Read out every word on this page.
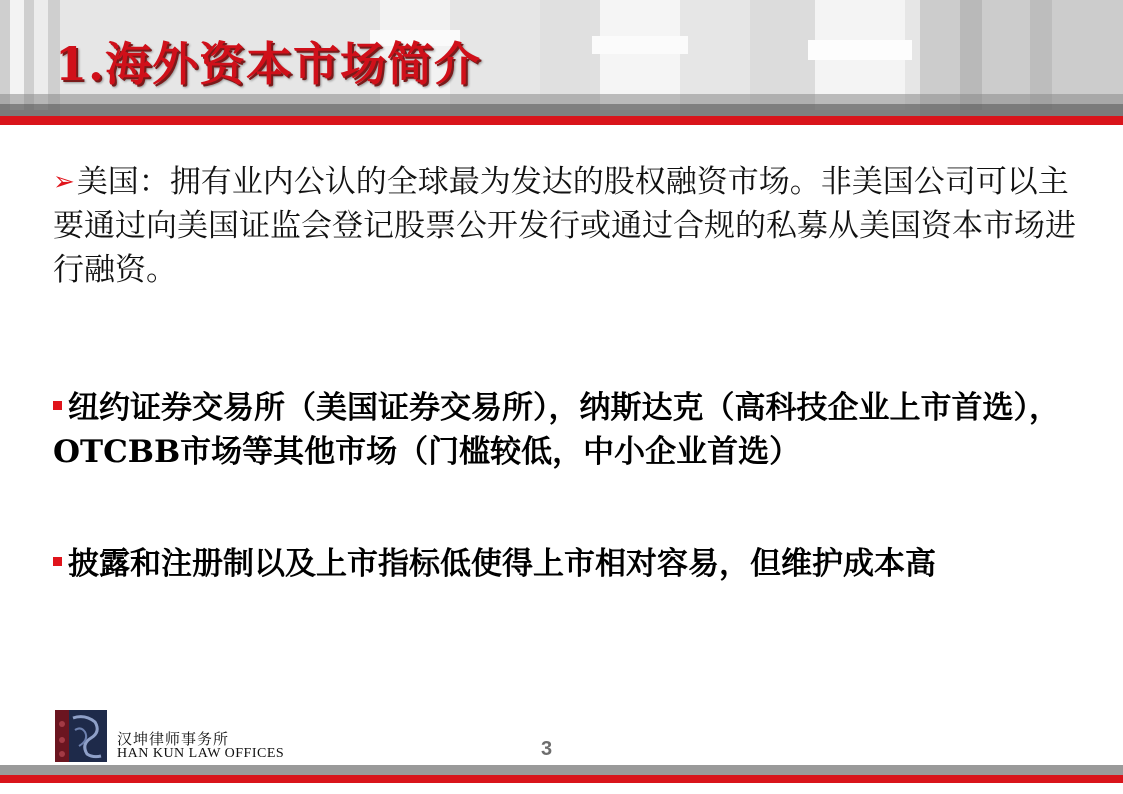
1.海外资本市场简介
➢美国：拥有业内公认的全球最为发达的股权融资市场。非美国公司可以主要通过向美国证监会登记股票公开发行或通过合规的私募从美国资本市场进行融资。
纽约证券交易所（美国证券交易所），纳斯达克（高科技企业上市首选），OTCBB市场等其他市场（门槛较低，中小企业首选）
披露和注册制以及上市指标低使得上市相对容易，但维护成本高
汉坤律师事务所
HAN KUN LAW OFFICES	3
